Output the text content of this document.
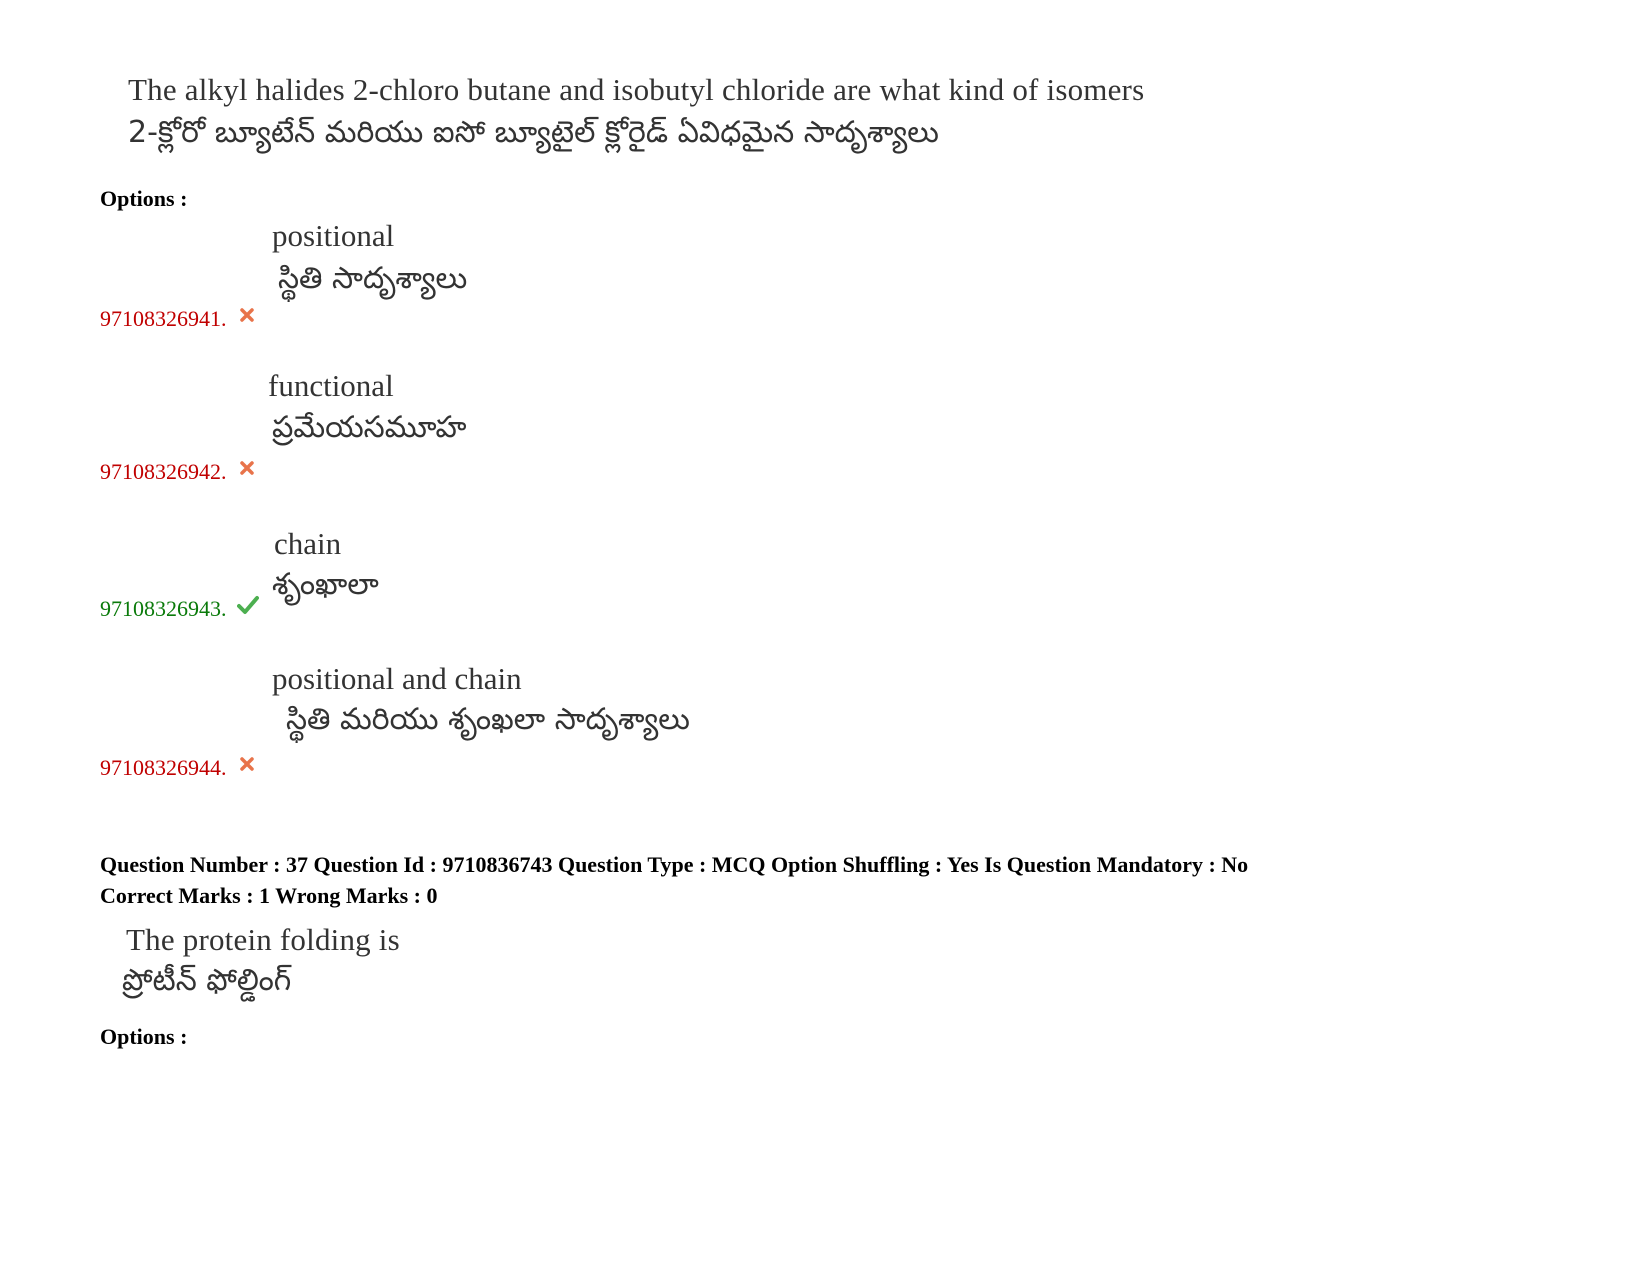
The alkyl halides 2-chloro butane and isobutyl chloride are what kind of isomers
2-క్లోరో బ్యూటేన్ మరియు ఐసో బ్యూటైల్ క్లోరైడ్ ఏవిధమైన సాదృశ్యాలు
Options :
positional
స్థితి సాదృశ్యాలు
97108326941.
functional
ప్రమేయసమూహ
97108326942.
chain
శృంఖాలా
97108326943.
positional and chain
స్థితి మరియు శృంఖలా సాదృశ్యాలు
97108326944.
Question Number : 37 Question Id : 9710836743 Question Type : MCQ Option Shuffling : Yes Is Question Mandatory : No
Correct Marks : 1 Wrong Marks : 0
The protein folding is
ప్రోటీన్ ఫోల్డింగ్
Options :
